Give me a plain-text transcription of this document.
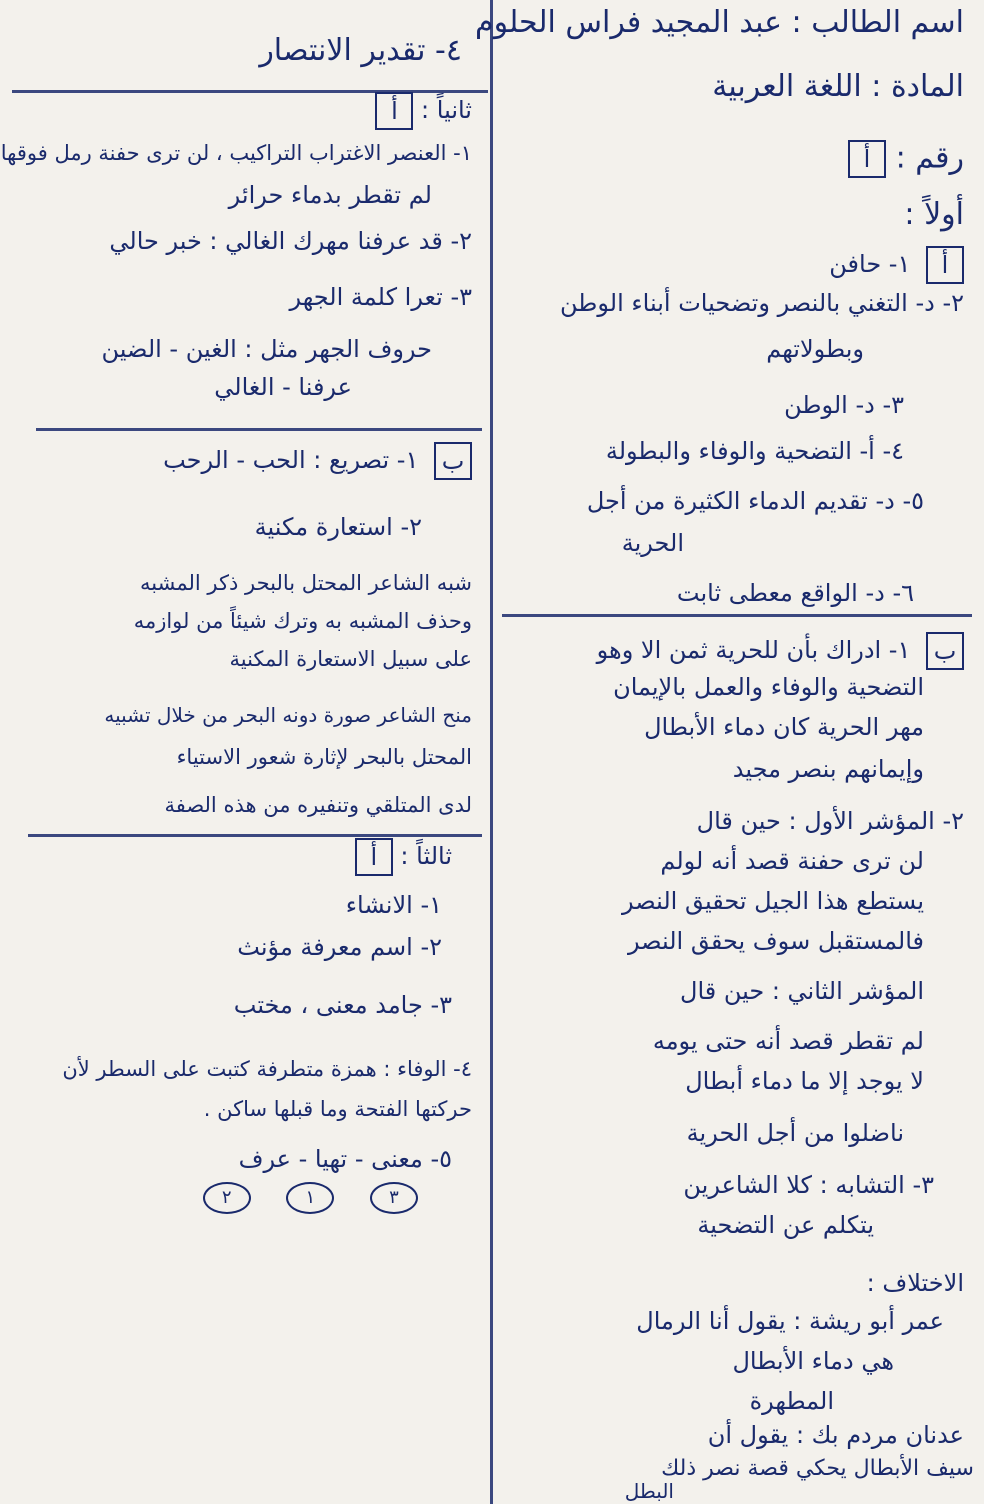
اسم الطالب : عبد المجيد فراس الحلوم
المادة : اللغة العربية
رقم : أ
أولاً :
أ ١- حافن
٢- د- التغني بالنصر وتضحيات أبناء الوطن
وبطولاتهم
٣- د- الوطن
٤- أ- التضحية والوفاء والبطولة
٥- د- تقديم الدماء الكثيرة من أجل
الحرية
٦- د- الواقع معطى ثابت
ب ١- ادراك بأن للحرية ثمن الا وهو
التضحية والوفاء والعمل بالإيمان
مهر الحرية كان دماء الأبطال
وإيمانهم بنصر مجيد
٢- المؤشر الأول : حين قال
لن ترى حفنة قصد أنه لولم
يستطع هذا الجيل تحقيق النصر
فالمستقبل سوف يحقق النصر
المؤشر الثاني : حين قال
لم تقطر قصد أنه حتى يومه
لا يوجد إلا ما دماء أبطال
ناضلوا من أجل الحرية
٣- التشابه : كلا الشاعرين
يتكلم عن التضحية
الاختلاف :
عمر أبو ريشة : يقول أنا الرمال
هي دماء الأبطال
المطهرة
عدنان مردم بك : يقول أن
سيف الأبطال يحكي قصة نصر ذلك
البطل
٤- تقدير الانتصار
ثانياً : أ
١- العنصر الاغتراب التراكيب ، لن ترى حفنة رمل فوقها
لم تقطر بدماء حرائر
٢- قد عرفنا مهرك الغالي : خبر حالي
٣- تعرا كلمة الجهر
حروف الجهر مثل : الغين - الضين
عرفنا - الغالي
ب ١- تصريع : الحب - الرحب
٢- استعارة مكنية
شبه الشاعر المحتل بالبحر ذكر المشبه
وحذف المشبه به وترك شيئاً من لوازمه
على سبيل الاستعارة المكنية
منح الشاعر صورة دونه البحر من خلال تشبيه
المحتل بالبحر لإثارة شعور الاستياء
لدى المتلقي وتنفيره من هذه الصفة
ثالثاً : أ
١- الانشاء
٢- اسم معرفة مؤنث
٣- جامد معنى ، مختب
٤- الوفاء : همزة متطرفة كتبت على السطر لأن
حركتها الفتحة وما قبلها ساكن .
٥- معنى - تهيا - عرف
٣ ١ ٢
